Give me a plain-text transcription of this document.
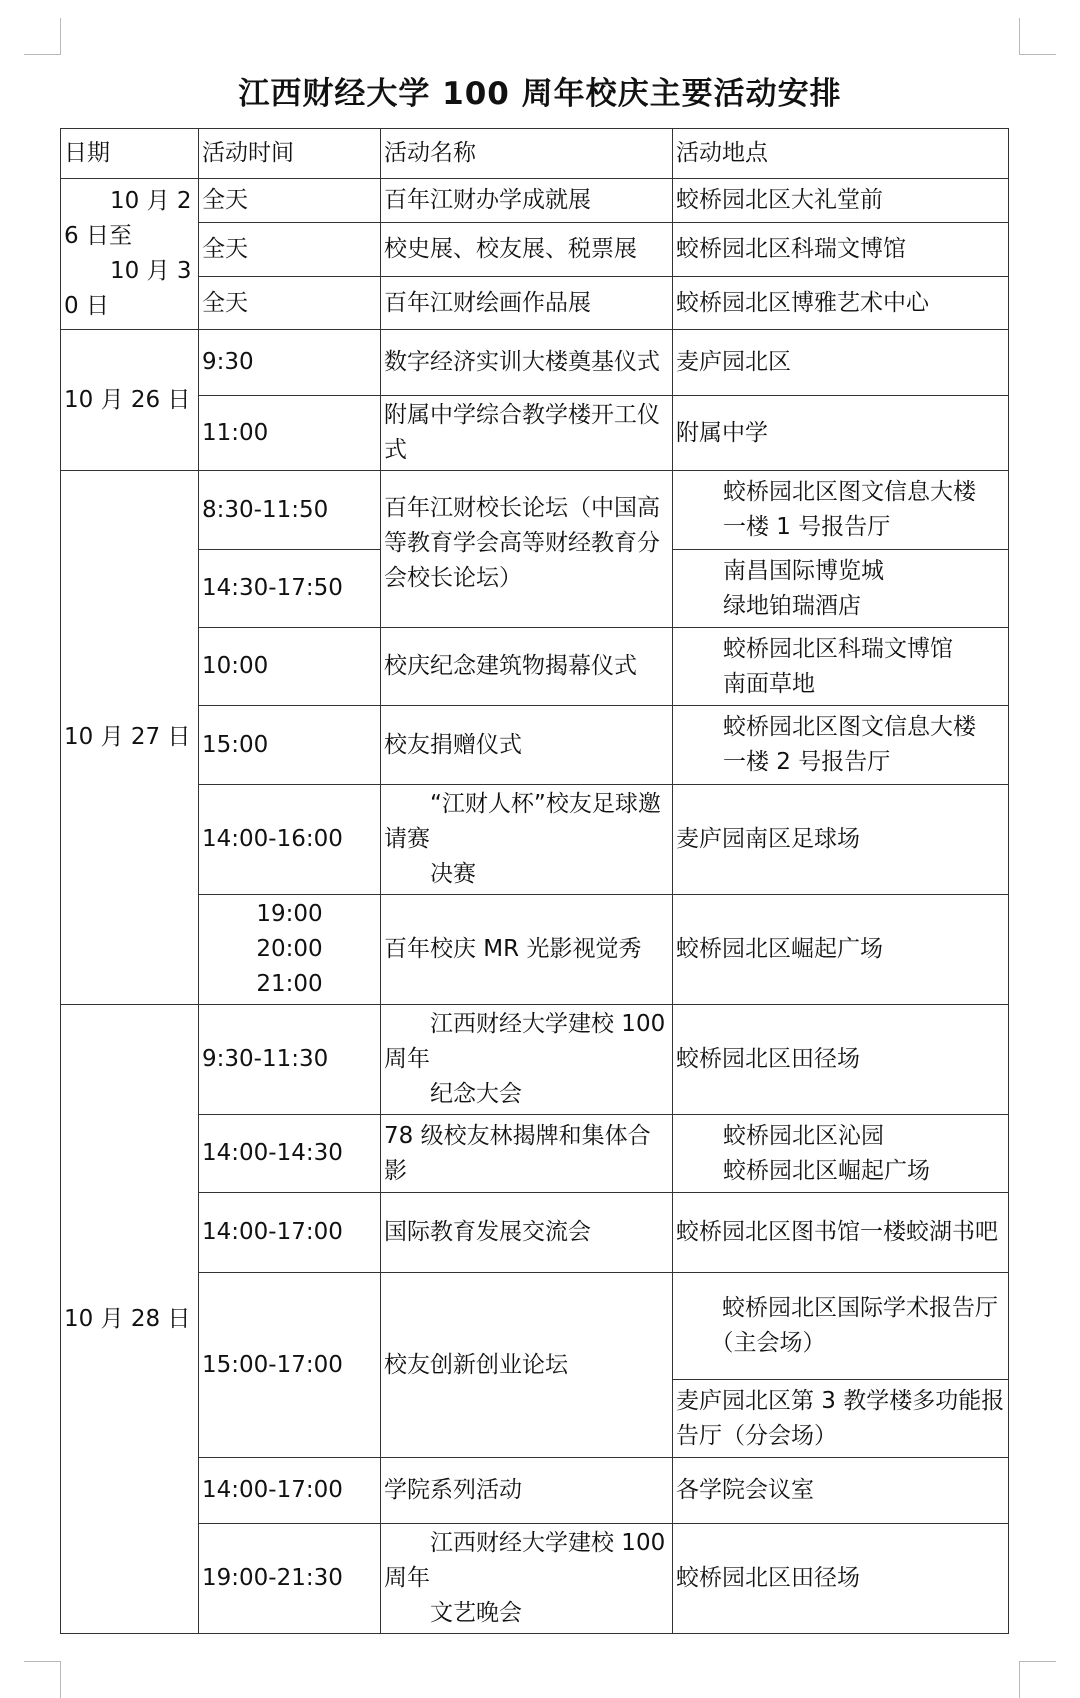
江西财经大学 100 周年校庆主要活动安排
日期	活动时间	活动名称	活动地点
　　10 月 26 日至
　　10 月 30 日	全天	百年江财办学成就展	蛟桥园北区大礼堂前
	全天	校史展、校友展、税票展	蛟桥园北区科瑞文博馆
	全天	百年江财绘画作品展	蛟桥园北区博雅艺术中心
10 月 26 日	9:30	数字经济实训大楼奠基仪式	麦庐园北区
	11:00	附属中学综合教学楼开工仪式	附属中学
10 月 27 日	8:30-11:50	百年江财校长论坛（中国高等教育学会高等财经教育分会校长论坛）	蛟桥园北区图文信息大楼
一楼 1 号报告厅
	14:30-17:50		南昌国际博览城
绿地铂瑞酒店
	10:00	校庆纪念建筑物揭幕仪式	蛟桥园北区科瑞文博馆
南面草地
	15:00	校友捐赠仪式	蛟桥园北区图文信息大楼
一楼 2 号报告厅
	14:00-16:00	　　“江财人杯”校友足球邀请赛
　　决赛	麦庐园南区足球场
	19:00
20:00
21:00	百年校庆 MR 光影视觉秀	蛟桥园北区崛起广场
10 月 28 日	9:30-11:30	　　江西财经大学建校 100 周年
　　纪念大会	蛟桥园北区田径场
	14:00-14:30	78 级校友林揭牌和集体合影	蛟桥园北区沁园
蛟桥园北区崛起广场
	14:00-17:00	国际教育发展交流会	蛟桥园北区图书馆一楼蛟湖书吧
	15:00-17:00	校友创新创业论坛	　　蛟桥园北区国际学术报告厅
　　（主会场）
			麦庐园北区第 3 教学楼多功能报告厅（分会场）
	14:00-17:00	学院系列活动	各学院会议室
	19:00-21:30	　　江西财经大学建校 100 周年
　　文艺晚会	蛟桥园北区田径场
